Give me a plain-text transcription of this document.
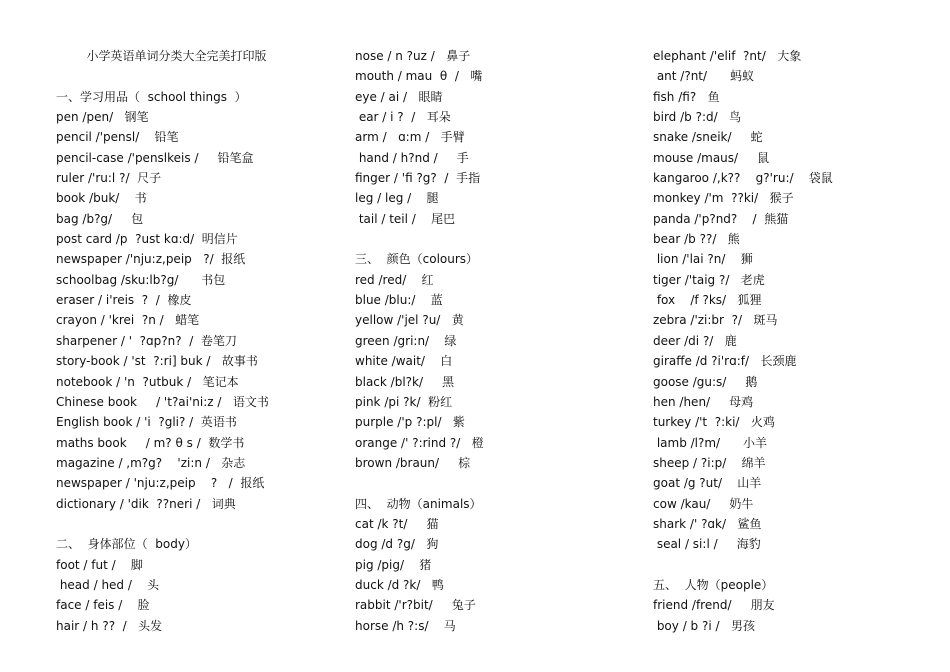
小学英语单词分类大全完美打印版
一、学习用品（  school things  ）
pen /pen/   钢笔
pencil /'pensl/    铅笔
pencil-case /'penslkeis /     铅笔盒
ruler /'ru:l ?/  尺子
book /buk/    书
bag /b?g/     包
post card /p  ?ust kɑ:d/  明信片
newspaper /'nju:z,peip   ?/  报纸
schoolbag /sku:lb?g/      书包
eraser / i'reis  ?  /  橡皮
crayon / 'krei  ?n /   蜡笔
sharpener / '  ?ɑp?n?  /  卷笔刀
story-book / 'st  ?:ri] buk /   故事书
notebook / 'n  ?utbuk /   笔记本
Chinese book     / 't?ai'ni:z /   语文书
English book / 'i  ?gli? /  英语书
maths book     / m? θ s /  数学书
magazine / ,m?g?    'zi:n /   杂志
newspaper / 'nju:z,peip    ?   /  报纸
dictionary / 'dik  ??neri /   词典
二、  身体部位（  body）
foot / fut /    脚
head / hed /    头
face / feis /    脸
hair / h ??  /   头发
nose / n ?uz /   鼻子
mouth / mau  θ  /   嘴
eye / ai /   眼睛
ear / i ?  /   耳朵
arm /   ɑ:m /   手臂
hand / h?nd /     手
finger / 'fi ?g?  /  手指
leg / leg /    腿
tail / teil /    尾巴
三、  颜色（colours）
red /red/    红
blue /blu:/    蓝
yellow /'jel ?u/   黄
green /gri:n/    绿
white /wait/    白
black /bl?k/     黑
pink /pi ?k/  粉红
purple /'p ?:pl/   紫
orange /' ?:rind ?/   橙
brown /braun/     棕
四、  动物（animals）
cat /k ?t/     猫
dog /d ?g/   狗
pig /pig/    猪
duck /d ?k/   鸭
rabbit /'r?bit/     兔子
horse /h ?:s/    马
elephant /'elif  ?nt/   大象
ant /?nt/      蚂蚁
fish /fi?   鱼
bird /b ?:d/   鸟
snake /sneik/     蛇
mouse /maus/     鼠
kangaroo /,k??    g?'ru:/    袋鼠
monkey /'m  ??ki/   猴子
panda /'p?nd?    /  熊猫
bear /b ??/   熊
lion /'lai ?n/    狮
tiger /'taig ?/   老虎
fox    /f ?ks/   狐狸
zebra /'zi:br  ?/   斑马
deer /di ?/   鹿
giraffe /d ?i'rɑ:f/   长颈鹿
goose /gu:s/     鹅
hen /hen/     母鸡
turkey /'t  ?:ki/   火鸡
lamb /l?m/      小羊
sheep / ?i:p/    绵羊
goat /g ?ut/    山羊
cow /kau/     奶牛
shark /' ?ɑk/   鲨鱼
seal / si:l /     海豹
五、  人物（people）
friend /frend/     朋友
boy / b ?i /   男孩
